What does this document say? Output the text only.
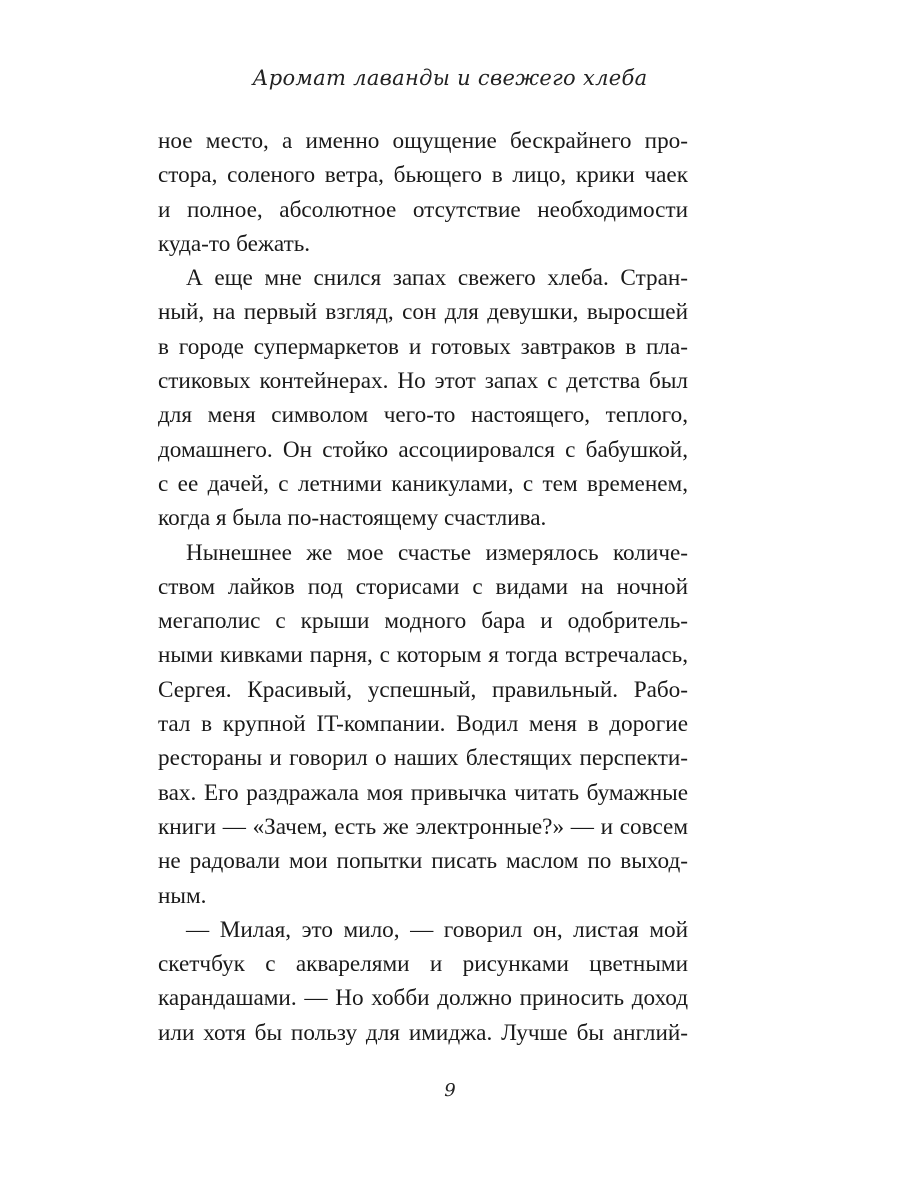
Аромат лаванды и свежего хлеба

ное место, а именно ощущение бескрайнего про-
стора, соленого ветра, бьющего в лицо, крики чаек
и полное, абсолютное отсутствие необходимости
куда-то бежать.

А еще мне снился запах свежего хлеба. Стран-
ный, на первый взгляд, сон для девушки, выросшей
в городе супермаркетов и готовых завтраков в пла-
стиковых контейнерах. Но этот запах с детства был
для меня символом чего-то настоящего, теплого,
домашнего. Он стойко ассоциировался с бабушкой,
с ее дачей, с летними каникулами, с тем временем,
когда я была по-настоящему счастлива.

Нынешнее же мое счастье измерялось количе-
ством лайков под сторисами с видами на ночной
мегаполис с крыши модного бара и одобритель-
ными кивками парня, с которым я тогда встречалась,
Сергея. Красивый, успешный, правильный. Рабо-
тал в крупной IT-компании. Водил меня в дорогие
рестораны и говорил о наших блестящих перспекти-
вах. Его раздражала моя привычка читать бумажные
книги — «Зачем, есть же электронные?» — и совсем
не радовали мои попытки писать маслом по выход-
ным.

— Милая, это мило, — говорил он, листая мой
скетчбук с акварелями и рисунками цветными
карандашами. — Но хобби должно приносить доход
или хотя бы пользу для имиджа. Лучше бы англий-

9
